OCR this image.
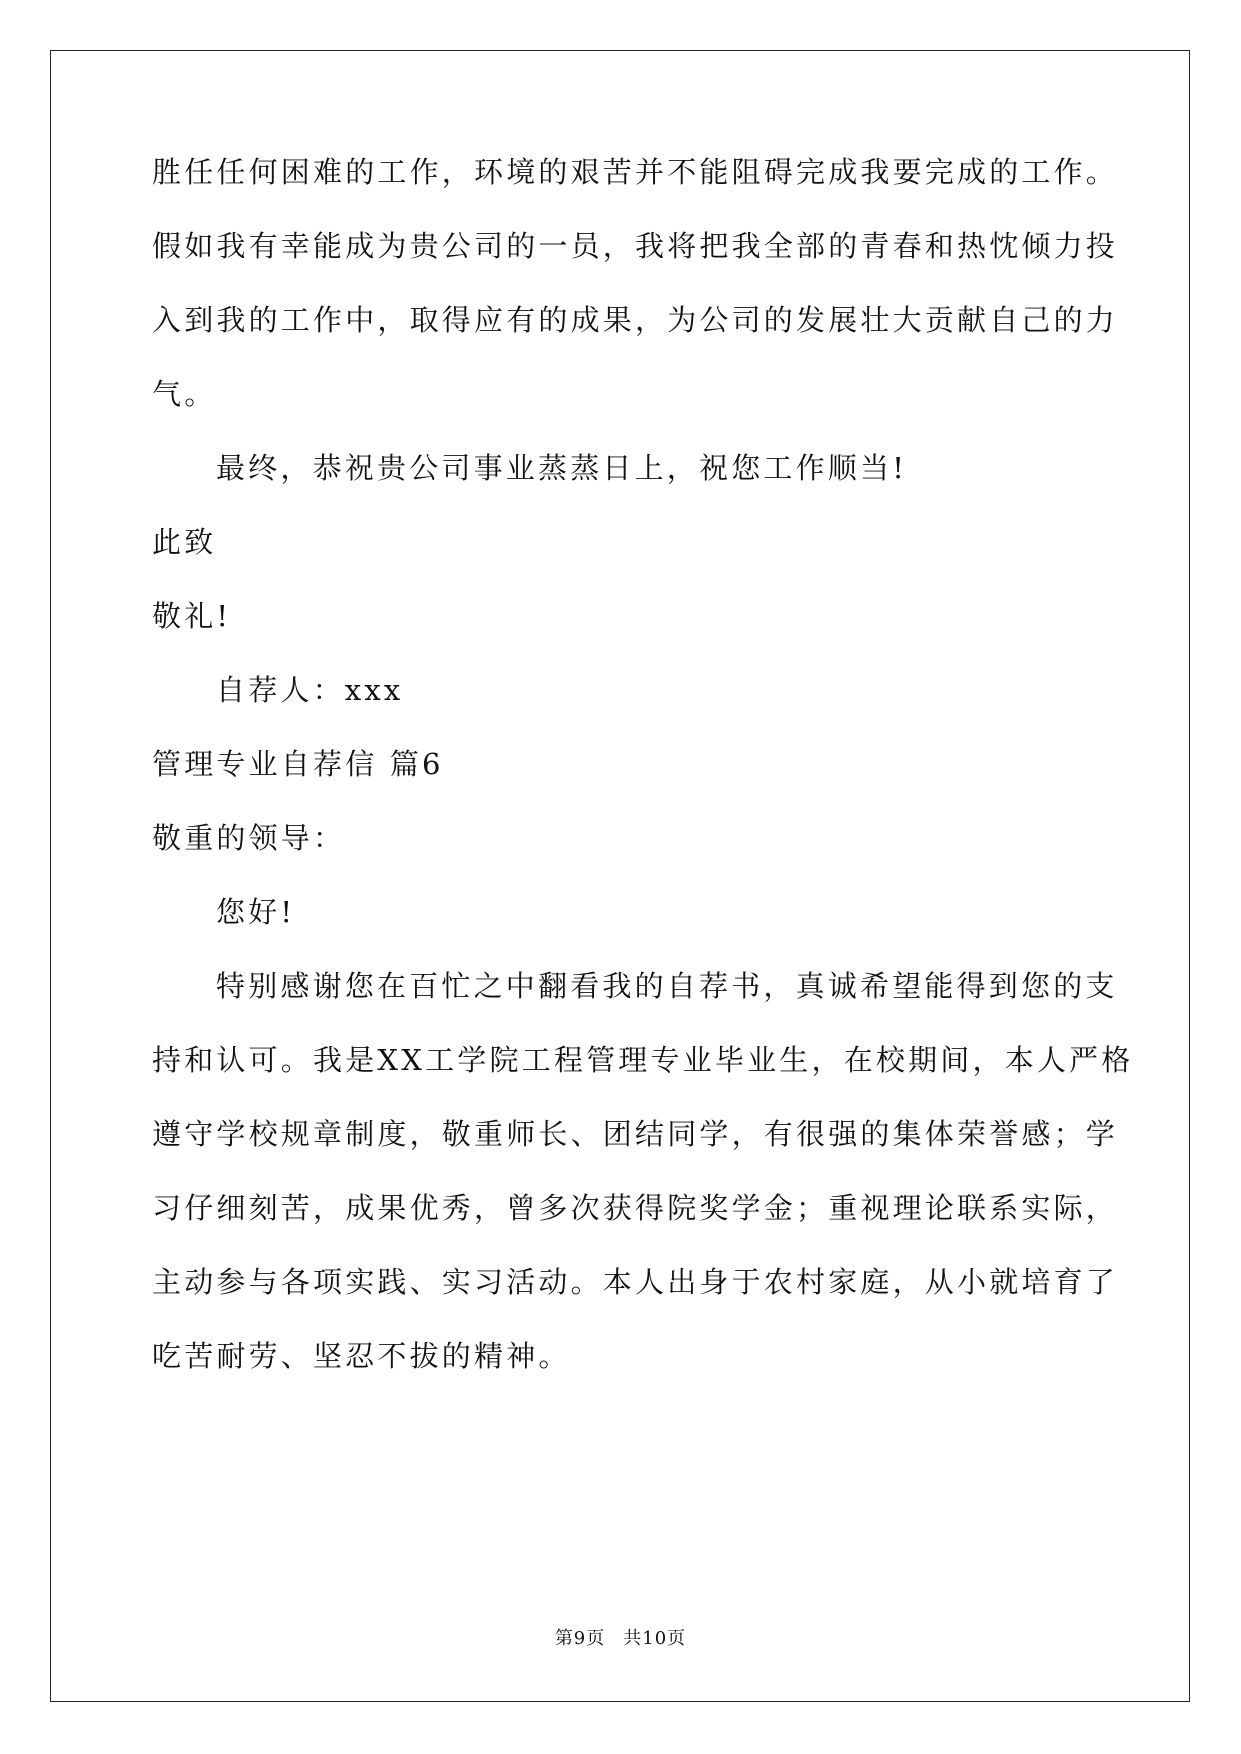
胜任任何困难的工作，环境的艰苦并不能阻碍完成我要完成的工作。
假如我有幸能成为贵公司的一员，我将把我全部的青春和热忱倾力投
入到我的工作中，取得应有的成果，为公司的发展壮大贡献自己的力
气。
最终，恭祝贵公司事业蒸蒸日上，祝您工作顺当!
此致
敬礼!
自荐人：xxx
管理专业自荐信 篇6
敬重的领导：
您好!
特别感谢您在百忙之中翻看我的自荐书，真诚希望能得到您的支
持和认可。我是XX工学院工程管理专业毕业生，在校期间，本人严格
遵守学校规章制度，敬重师长、团结同学，有很强的集体荣誉感；学
习仔细刻苦，成果优秀，曾多次获得院奖学金；重视理论联系实际，
主动参与各项实践、实习活动。本人出身于农村家庭，从小就培育了
吃苦耐劳、坚忍不拔的精神。
第9页 共10页
